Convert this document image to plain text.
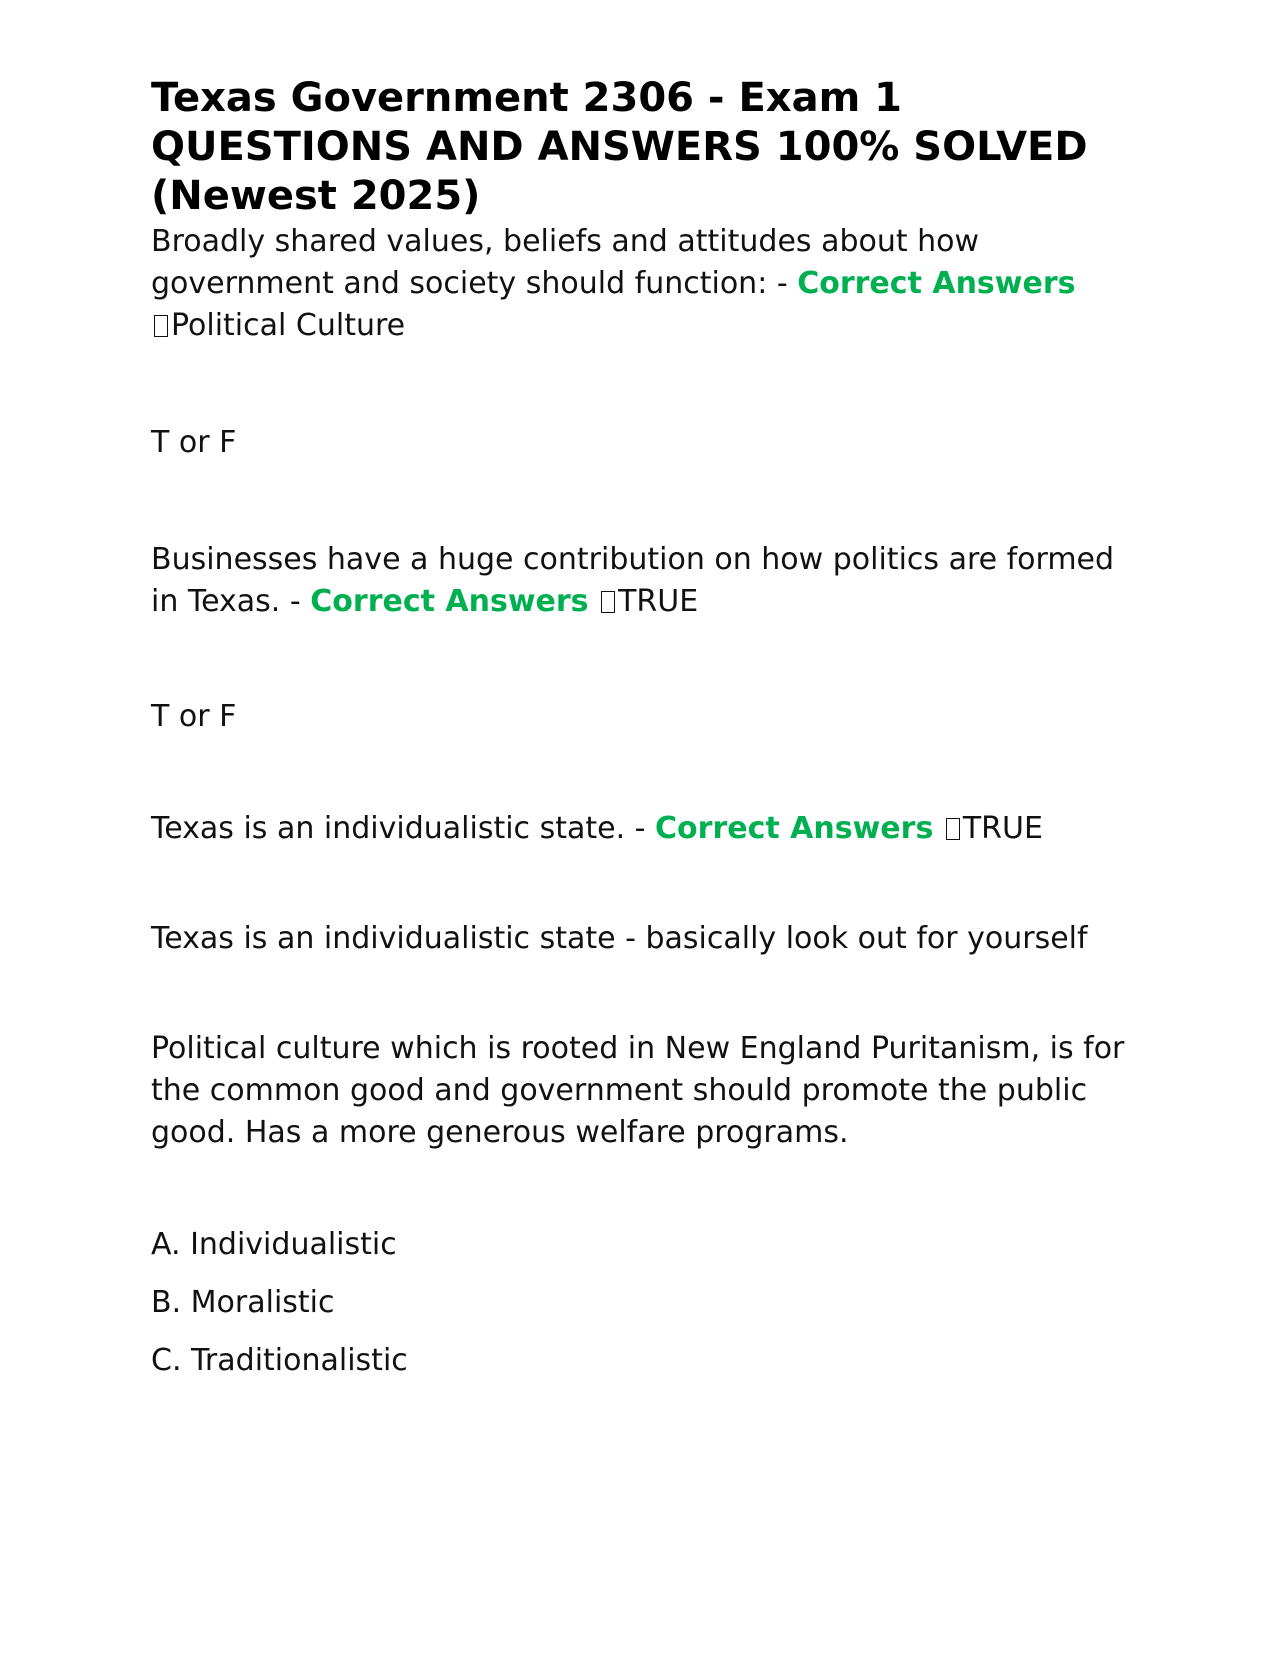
Texas Government 2306 - Exam 1 QUESTIONS AND ANSWERS 100% SOLVED (Newest 2025)

Broadly shared values, beliefs and attitudes about how government and society should function: - Correct Answers
Political Culture

T or F

Businesses have a huge contribution on how politics are formed in Texas. - Correct Answers TRUE

T or F

Texas is an individualistic state. - Correct Answers TRUE

Texas is an individualistic state - basically look out for yourself

Political culture which is rooted in New England Puritanism, is for the common good and government should promote the public good. Has a more generous welfare programs.

A. Individualistic

B. Moralistic

C. Traditionalistic
